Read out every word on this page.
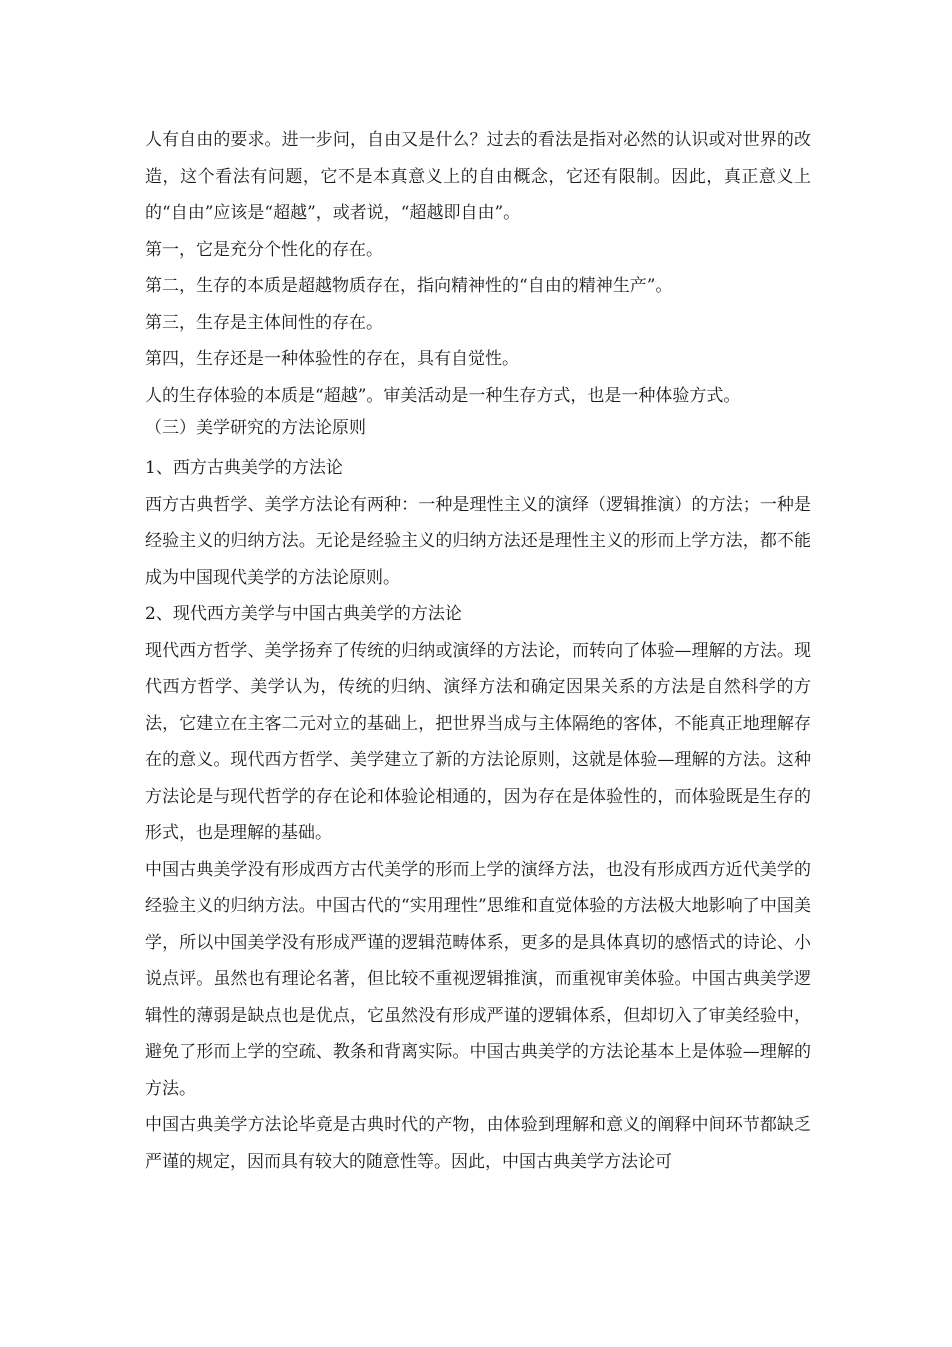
人有自由的要求。进一步问，自由又是什么？过去的看法是指对必然的认识或对世界的改造，这个看法有问题，它不是本真意义上的自由概念，它还有限制。因此，真正意义上的“自由”应该是“超越”，或者说，“超越即自由”。

第一，它是充分个性化的存在。

第二，生存的本质是超越物质存在，指向精神性的“自由的精神生产”。

第三，生存是主体间性的存在。

第四，生存还是一种体验性的存在，具有自觉性。

人的生存体验的本质是“超越”。审美活动是一种生存方式，也是一种体验方式。

（三）美学研究的方法论原则

1、西方古典美学的方法论

西方古典哲学、美学方法论有两种：一种是理性主义的演绎（逻辑推演）的方法；一种是经验主义的归纳方法。无论是经验主义的归纳方法还是理性主义的形而上学方法，都不能成为中国现代美学的方法论原则。

2、现代西方美学与中国古典美学的方法论

现代西方哲学、美学扬弃了传统的归纳或演绎的方法论，而转向了体验—理解的方法。现代西方哲学、美学认为，传统的归纳、演绎方法和确定因果关系的方法是自然科学的方法，它建立在主客二元对立的基础上，把世界当成与主体隔绝的客体，不能真正地理解存在的意义。现代西方哲学、美学建立了新的方法论原则，这就是体验—理解的方法。这种方法论是与现代哲学的存在论和体验论相通的，因为存在是体验性的，而体验既是生存的形式，也是理解的基础。

中国古典美学没有形成西方古代美学的形而上学的演绎方法，也没有形成西方近代美学的经验主义的归纳方法。中国古代的“实用理性”思维和直觉体验的方法极大地影响了中国美学，所以中国美学没有形成严谨的逻辑范畴体系，更多的是具体真切的感悟式的诗论、小说点评。虽然也有理论名著，但比较不重视逻辑推演，而重视审美体验。中国古典美学逻辑性的薄弱是缺点也是优点，它虽然没有形成严谨的逻辑体系，但却切入了审美经验中，避免了形而上学的空疏、教条和背离实际。中国古典美学的方法论基本上是体验—理解的方法。

中国古典美学方法论毕竟是古典时代的产物，由体验到理解和意义的阐释中间环节都缺乏严谨的规定，因而具有较大的随意性等。因此，中国古典美学方法论可
